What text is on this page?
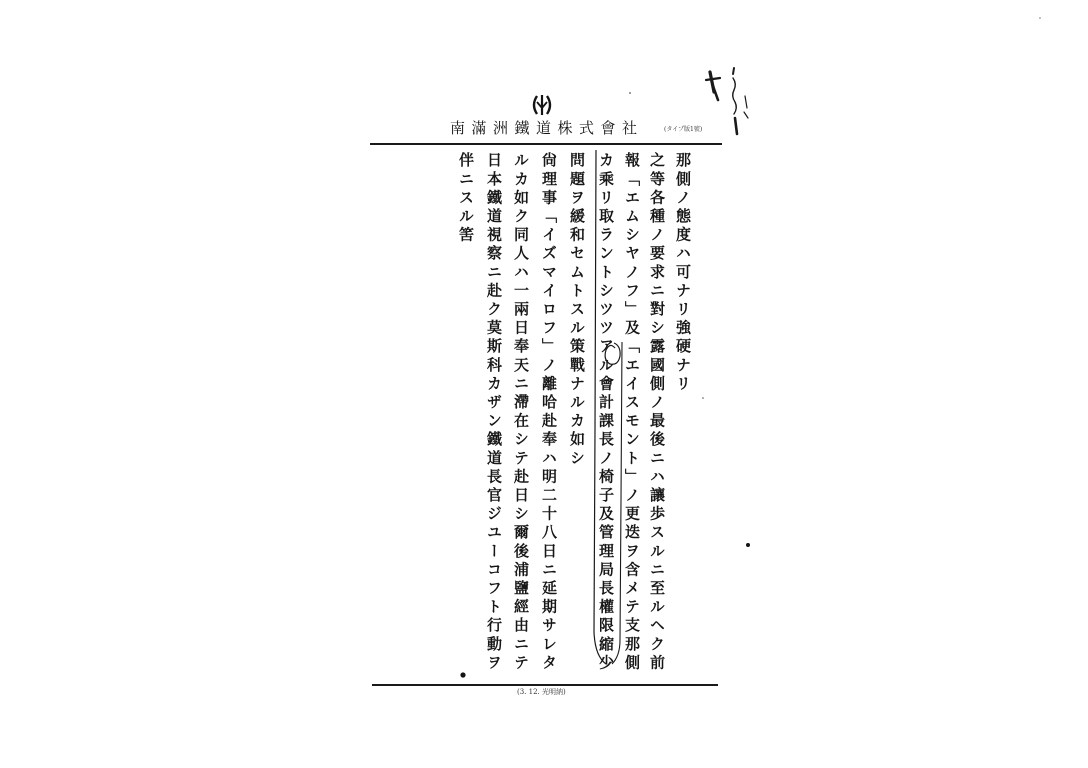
南滿洲鐵道株式會社	(タイプ版1號)
那側ノ態度ハ可ナリ強硬ナリ
之等各種ノ要求ニ對シ露國側ノ最後ニハ讓歩スルニ至ルヘク前
報「エムシヤノフ」及「エイスモント」ノ更迭ヲ含メテ支那側
カ乘リ取ラントシツツアル會計課長ノ椅子及管理局長權限縮少
問題ヲ緩和セムトスル策戰ナルカ如シ
尙理事「イズマイロフ」ノ離哈赴奉ハ明二十八日ニ延期サレタ
ルカ如ク同人ハ一兩日奉天ニ滯在シテ赴日シ爾後浦鹽經由ニテ
日本鐵道視察ニ赴ク莫斯科カザン鐵道長官ジユーコフト行動ヲ
伴ニスル筈
(3. 12. 光明納)
